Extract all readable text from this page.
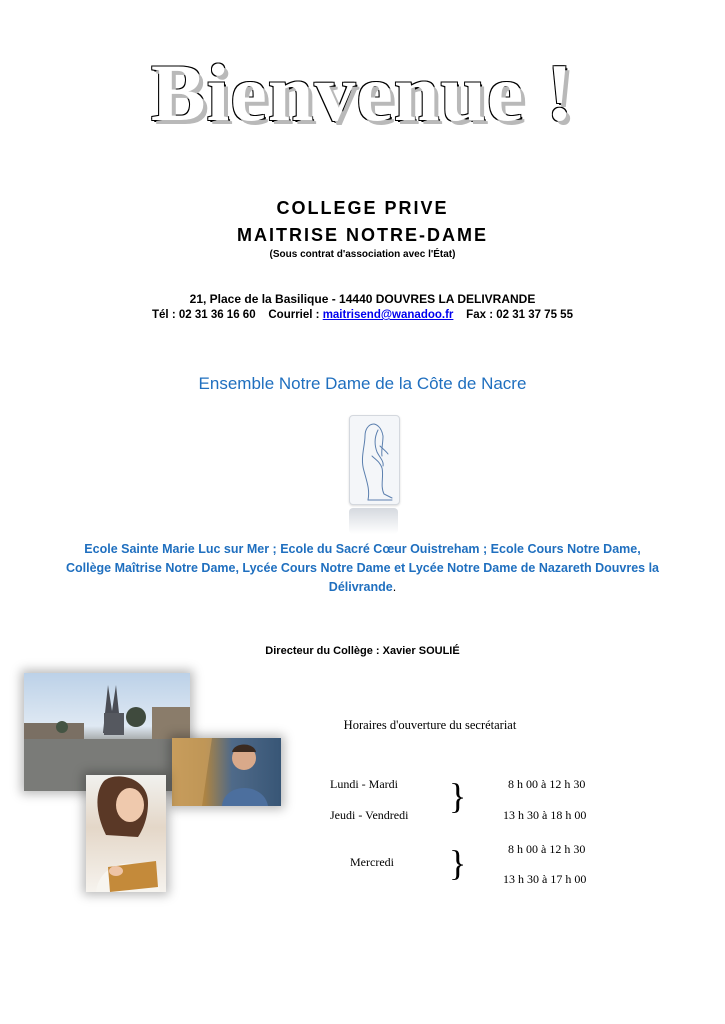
Bienvenue !
COLLEGE PRIVE
MAITRISE NOTRE-DAME
(Sous contrat d'association avec l'État)
21, Place de la Basilique - 14440 DOUVRES LA DELIVRANDE
Tél : 02 31 36 16 60    Courriel : maitrisend@wanadoo.fr    Fax : 02 31 37 75 55
Ensemble Notre Dame de la Côte de Nacre
Ecole Sainte Marie Luc sur Mer ; Ecole du Sacré Cœur Ouistreham ; Ecole Cours Notre Dame,
Collège Maîtrise Notre Dame, Lycée Cours Notre Dame et Lycée Notre Dame de Nazareth Douvres la
Délivrande.
Directeur du Collège : Xavier SOULIÉ
Horaires d'ouverture du secrétariat
Lundi - Mardi
Jeudi - Vendredi }	8 h 00 à 12 h 30
13 h 30 à 18 h 00
Mercredi }	8 h 00 à 12 h 30
13 h 30 à 17 h 00
